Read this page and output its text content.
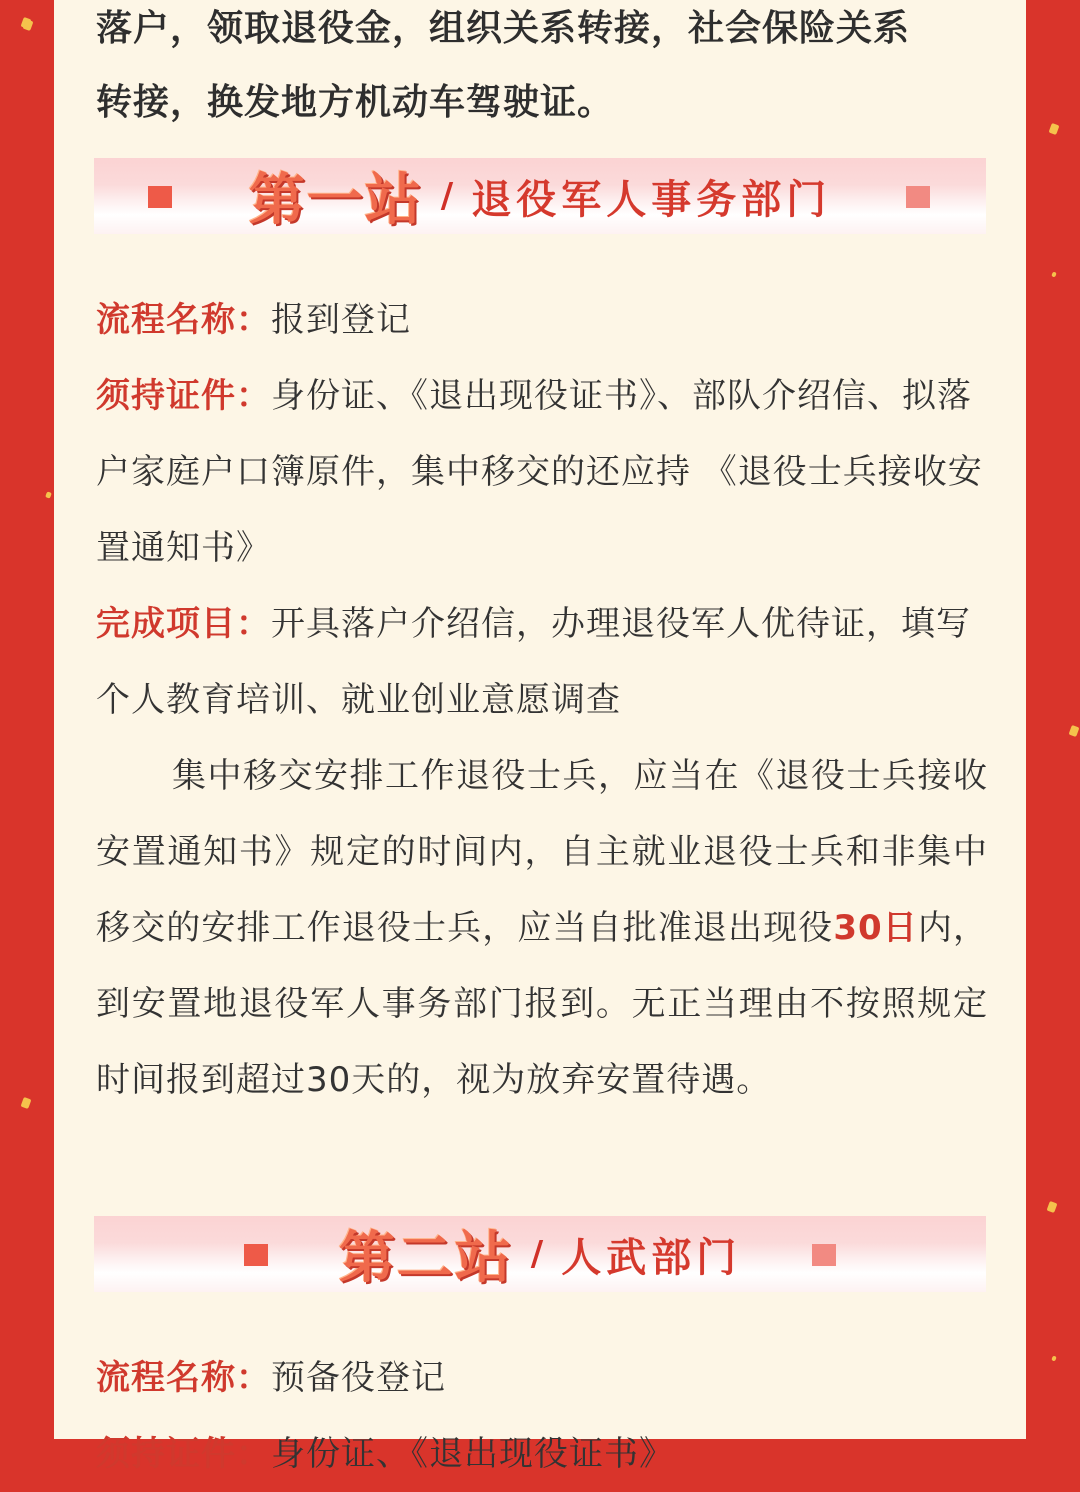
落户，领取退役金，组织关系转接，社会保险关系
转接，换发地方机动车驾驶证。
第一站 / 退役军人事务部门
流程名称：报到登记
须持证件：身份证、《退出现役证书》、部队介绍信、拟落户家庭户口簿原件，集中移交的还应持 《退役士兵接收安置通知书》
完成项目：开具落户介绍信，办理退役军人优待证，填写个人教育培训、就业创业意愿调查
集中移交安排工作退役士兵，应当在《退役士兵接收安置通知书》规定的时间内，自主就业退役士兵和非集中移交的安排工作退役士兵，应当自批准退出现役30日内，到安置地退役军人事务部门报到。无正当理由不按照规定时间报到超过30天的，视为放弃安置待遇。
第二站 / 人武部门
流程名称：预备役登记
须持证件：身份证、《退出现役证书》
